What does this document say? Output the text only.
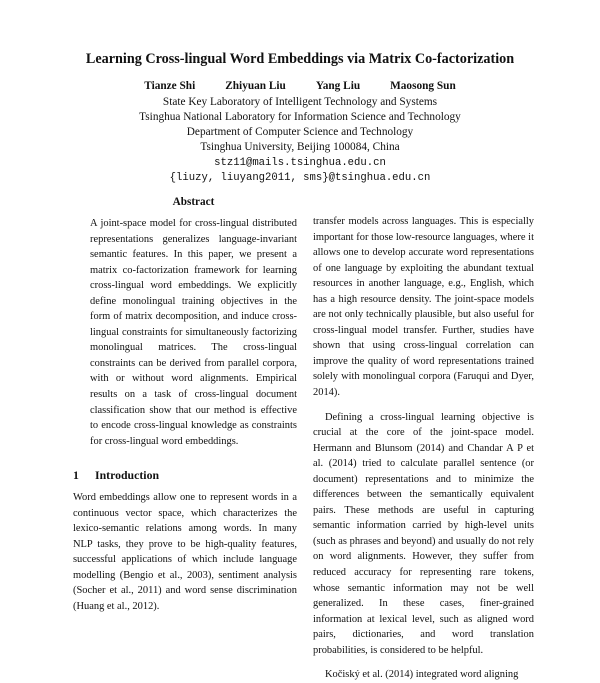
Learning Cross-lingual Word Embeddings via Matrix Co-factorization
Tianze Shi	Zhiyuan Liu	Yang Liu	Maosong Sun
State Key Laboratory of Intelligent Technology and Systems
Tsinghua National Laboratory for Information Science and Technology
Department of Computer Science and Technology
Tsinghua University, Beijing 100084, China
stz11@mails.tsinghua.edu.cn
{liuzy, liuyang2011, sms}@tsinghua.edu.cn
Abstract

A joint-space model for cross-lingual distributed representations generalizes language-invariant semantic features. In this paper, we present a matrix co-factorization framework for learning cross-lingual word embeddings. We explicitly define monolingual training objectives in the form of matrix decomposition, and induce cross-lingual constraints for simultaneously factorizing monolingual matrices. The cross-lingual constraints can be derived from parallel corpora, with or without word alignments. Empirical results on a task of cross-lingual document classification show that our method is effective to encode cross-lingual knowledge as constraints for cross-lingual word embeddings.

1 Introduction

Word embeddings allow one to represent words in a continuous vector space, which characterizes the lexico-semantic relations among words. In many NLP tasks, they prove to be high-quality features, successful applications of which include language modelling (Bengio et al., 2003), sentiment analysis (Socher et al., 2011) and word sense discrimination (Huang et al., 2012).

transfer models across languages. This is especially important for those low-resource languages, where it allows one to develop accurate word representations of one language by exploiting the abundant textual resources in another language, e.g., English, which has a high resource density. The joint-space models are not only technically plausible, but also useful for cross-lingual model transfer. Further, studies have shown that using cross-lingual correlation can improve the quality of word representations trained solely with monolingual corpora (Faruqui and Dyer, 2014).

Defining a cross-lingual learning objective is crucial at the core of the joint-space model. Hermann and Blunsom (2014) and Chandar A P et al. (2014) tried to calculate parallel sentence (or document) representations and to minimize the differences between the semantically equivalent pairs. These methods are useful in capturing semantic information carried by high-level units (such as phrases and beyond) and usually do not rely on word alignments. However, they suffer from reduced accuracy for representing rare tokens, whose semantic information may not be well generalized. In these cases, finer-grained information at lexical level, such as aligned word pairs, dictionaries, and word translation probabilities, is considered to be helpful.

Kočiský et al. (2014) integrated word aligning
